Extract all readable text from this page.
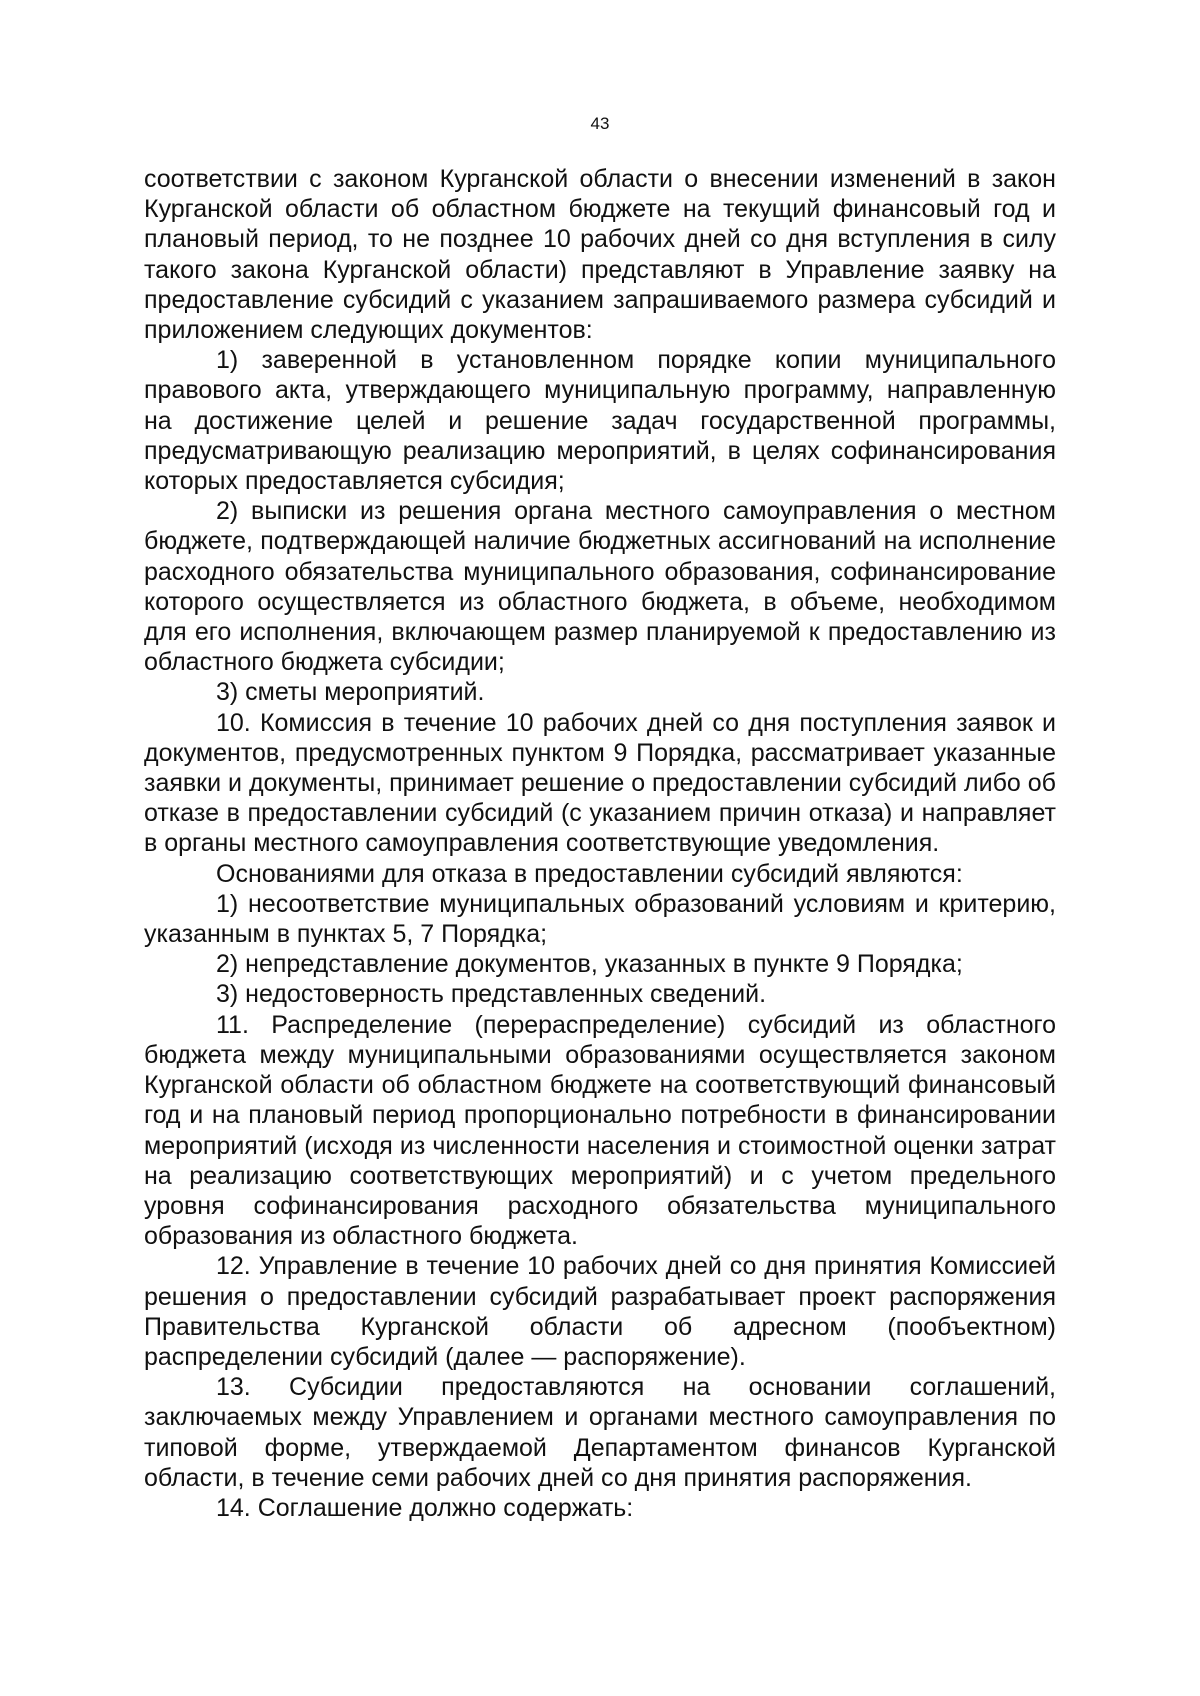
43

соответствии с законом Курганской области о внесении изменений в закон Курганской области об областном бюджете на текущий финансовый год и плановый период, то не позднее 10 рабочих дней со дня вступления в силу такого закона Курганской области) представляют в Управление заявку на предоставление субсидий с указанием запрашиваемого размера субсидий и приложением следующих документов:

1) заверенной в установленном порядке копии муниципального правового акта, утверждающего муниципальную программу, направленную на достижение целей и решение задач государственной программы, предусматривающую реализацию мероприятий, в целях софинансирования которых предоставляется субсидия;

2) выписки из решения органа местного самоуправления о местном бюджете, подтверждающей наличие бюджетных ассигнований на исполнение расходного обязательства муниципального образования, софинансирование которого осуществляется из областного бюджета, в объеме, необходимом для его исполнения, включающем размер планируемой к предоставлению из областного бюджета субсидии;

3) сметы мероприятий.

10. Комиссия в течение 10 рабочих дней со дня поступления заявок и документов, предусмотренных пунктом 9 Порядка, рассматривает указанные заявки и документы, принимает решение о предоставлении субсидий либо об отказе в предоставлении субсидий (с указанием причин отказа) и направляет в органы местного самоуправления соответствующие уведомления.

Основаниями для отказа в предоставлении субсидий являются:

1) несоответствие муниципальных образований условиям и критерию, указанным в пунктах 5, 7 Порядка;

2) непредставление документов, указанных в пункте 9 Порядка;

3) недостоверность представленных сведений.

11. Распределение (перераспределение) субсидий из областного бюджета между муниципальными образованиями осуществляется законом Курганской области об областном бюджете на соответствующий финансовый год и на плановый период пропорционально потребности в финансировании мероприятий (исходя из численности населения и стоимостной оценки затрат на реализацию соответствующих мероприятий) и с учетом предельного уровня софинансирования расходного обязательства муниципального образования из областного бюджета.

12. Управление в течение 10 рабочих дней со дня принятия Комиссией решения о предоставлении субсидий разрабатывает проект распоряжения Правительства Курганской области об адресном (пообъектном) распределении субсидий (далее — распоряжение).

13. Субсидии предоставляются на основании соглашений, заключаемых между Управлением и органами местного самоуправления по типовой форме, утверждаемой Департаментом финансов Курганской области, в течение семи рабочих дней со дня принятия распоряжения.

14. Соглашение должно содержать:
